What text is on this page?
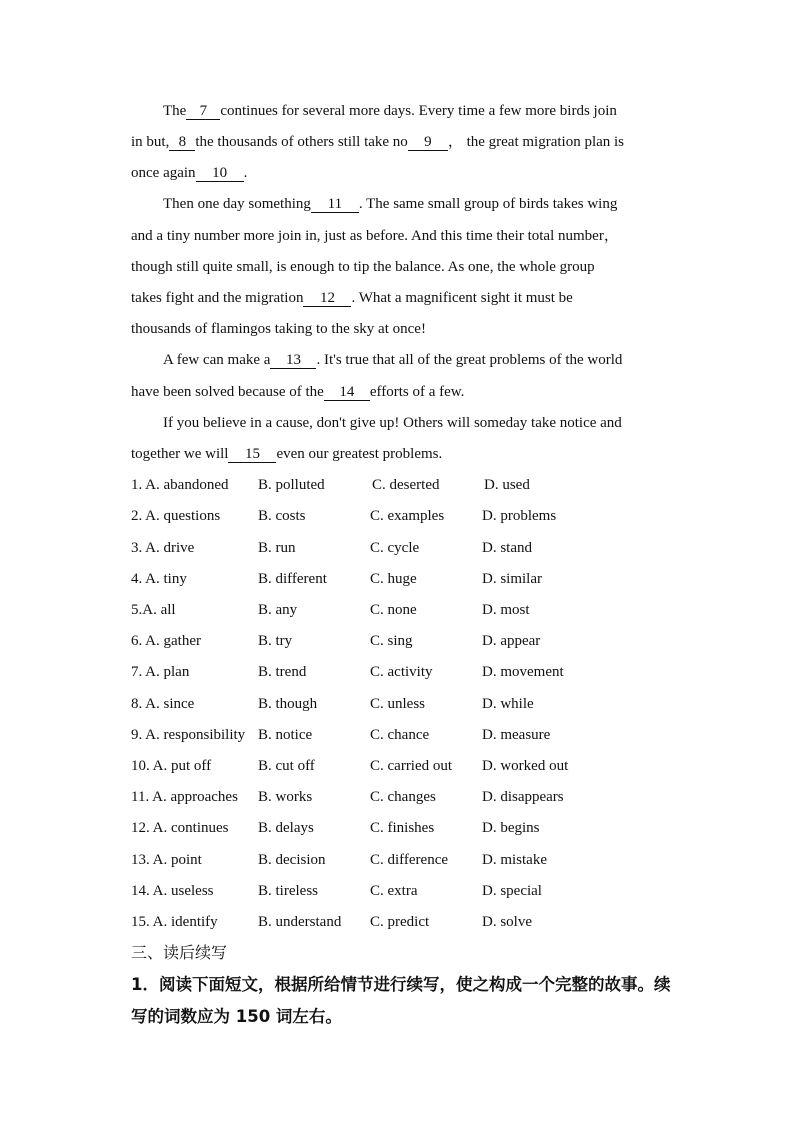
The 7 continues for several more days. Every time a few more birds join
in but, 8 the thousands of others still take no 9 ， the great migration plan is
once again 10 .
Then one day something 11 . The same small group of birds takes wing
and a tiny number more join in, just as before. And this time their total number，
though still quite small, is enough to tip the balance. As one, the whole group
takes fight and the migration 12 . What a magnificent sight it must be
thousands of flamingos taking to the sky at once!
A few can make a 13 . It's true that all of the great problems of the world
have been solved because of the 14 efforts of a few.
If you believe in a cause, don't give up! Others will someday take notice and
together we will 15 even our greatest problems.
1. A. abandoned B. polluted	C. deserted	D. used
2. A. questions	B. costs	C. examples	D. problems
3. A. drive	B. run	C. cycle	D. stand
4. A. tiny	B. different	C. huge	D. similar
5.A. all	B. any	C. none	D. most
6. A. gather	B. try	C. sing	D. appear
7. A. plan	B. trend	C. activity	D. movement
8. A. since	B. though	C. unless	D. while
9. A. responsibility B. notice	C. chance	D. measure
10. A. put off	B. cut off	C. carried out D. worked out
11. A. approaches B. works	C. changes	D. disappears
12. A. continues B. delays	C. finishes	D. begins
13. A. point	B. decision	C. difference D. mistake
14. A. useless	B. tireless	C. extra	D. special
15. A. identify	B. understand C. predict	D. solve
三、读后续写
1．阅读下面短文，根据所给情节进行续写，使之构成一个完整的故事。续
写的词数应为 150 词左右。
